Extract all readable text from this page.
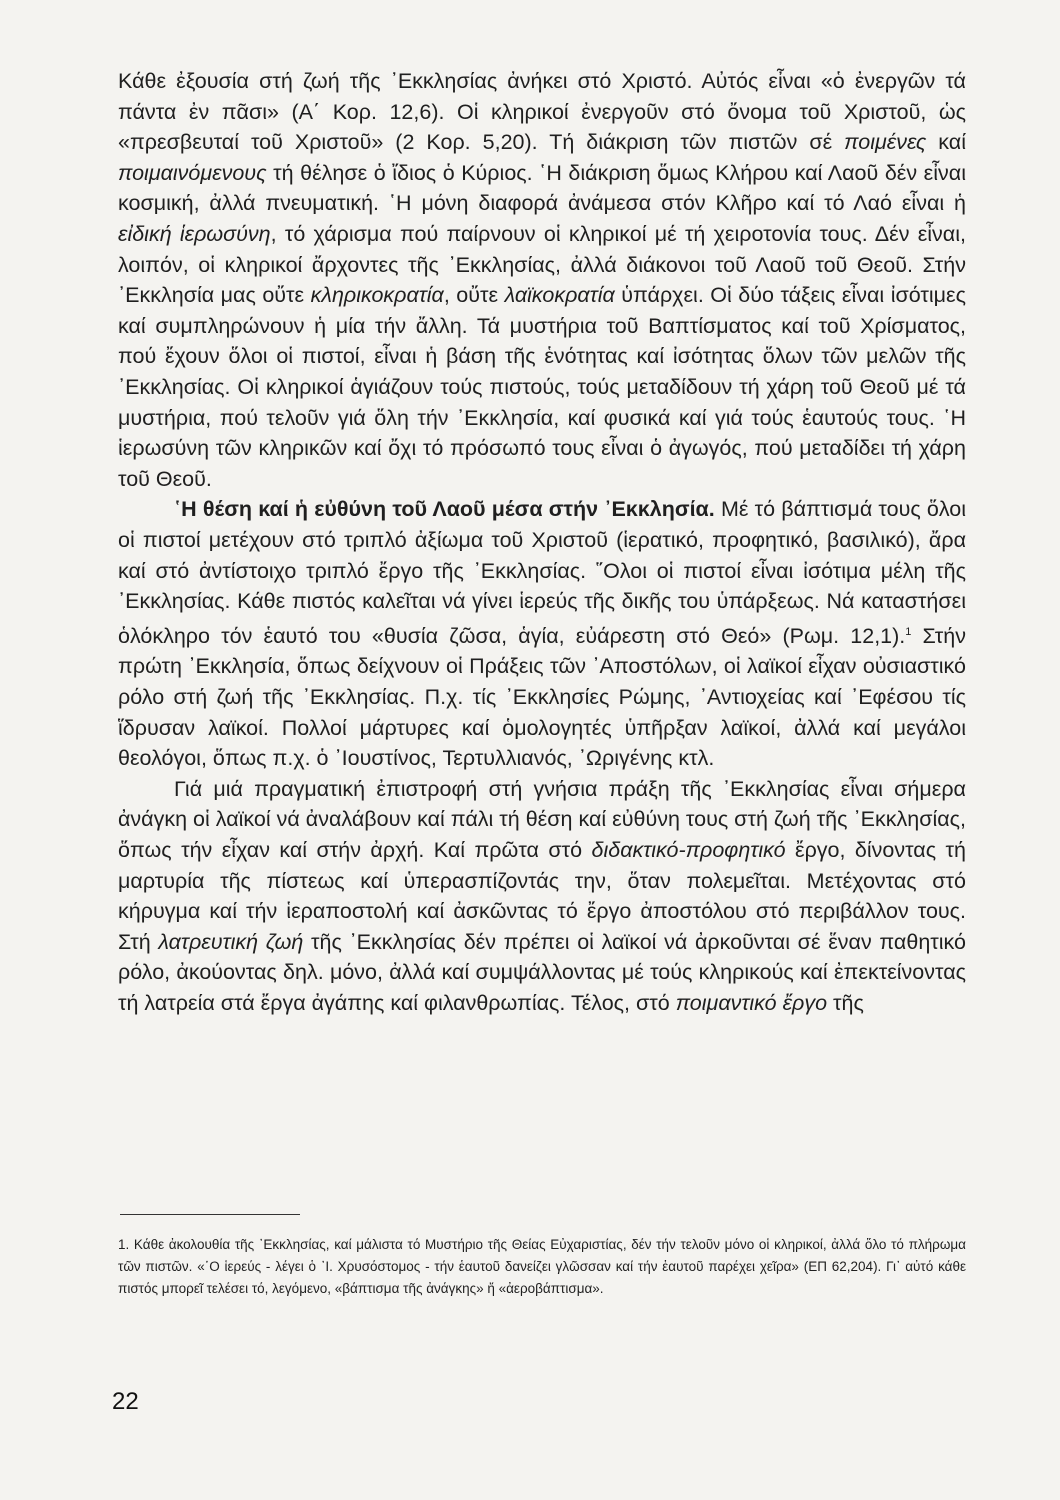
Κάθε ἐξουσία στή ζωή τῆς ᾿Εκκλησίας ἀνήκει στό Χριστό. Αὐτός εἶναι «ὁ ἐνεργῶν τά πάντα ἐν πᾶσι» (Α΄ Κορ. 12,6). Οἱ κληρικοί ἐνεργοῦν στό ὄνομα τοῦ Χριστοῦ, ὡς «πρεσβευταί τοῦ Χριστοῦ» (2 Κορ. 5,20). Τή διάκριση τῶν πιστῶν σέ ποιμένες καί ποιμαινόμενους τή θέλησε ὁ ἴδιος ὁ Κύριος. ῾Η διάκριση ὅμως Κλήρου καί Λαοῦ δέν εἶναι κοσμική, ἀλλά πνευματική. ῾Η μόνη διαφορά ἀνάμεσα στόν Κλῆρο καί τό Λαό εἶναι ἡ εἰδική ἱερωσύνη, τό χάρισμα πού παίρνουν οἱ κληρικοί μέ τή χειροτονία τους. Δέν εἶναι, λοιπόν, οἱ κληρικοί ἄρχοντες τῆς ᾿Εκκλησίας, ἀλλά διάκονοι τοῦ Λαοῦ τοῦ Θεοῦ. Στήν ᾿Εκκλησία μας οὔτε κληρικοκρατία, οὔτε λαϊκοκρατία ὑπάρχει. Οἱ δύο τάξεις εἶναι ἰσότιμες καί συμπληρώνουν ἡ μία τήν ἄλλη. Τά μυστήρια τοῦ Βαπτίσματος καί τοῦ Χρίσματος, πού ἔχουν ὅλοι οἱ πιστοί, εἶναι ἡ βάση τῆς ἑνότητας καί ἰσότητας ὅλων τῶν μελῶν τῆς ᾿Εκκλησίας. Οἱ κληρικοί ἁγιάζουν τούς πιστούς, τούς μεταδίδουν τή χάρη τοῦ Θεοῦ μέ τά μυστήρια, πού τελοῦν γιά ὅλη τήν ᾿Εκκλησία, καί φυσικά καί γιά τούς ἑαυτούς τους. ῾Η ἱερωσύνη τῶν κληρικῶν καί ὄχι τό πρόσωπό τους εἶναι ὁ ἀγωγός, πού μεταδίδει τή χάρη τοῦ Θεοῦ.

῾Η θέση καί ἡ εὐθύνη τοῦ Λαοῦ μέσα στήν ᾿Εκκλησία. Μέ τό βάπτισμά τους ὅλοι οἱ πιστοί μετέχουν στό τριπλό ἀξίωμα τοῦ Χριστοῦ (ἱερατικό, προφητικό, βασιλικό), ἄρα καί στό ἀντίστοιχο τριπλό ἔργο τῆς ᾿Εκκλησίας. ῞Ολοι οἱ πιστοί εἶναι ἰσότιμα μέλη τῆς ᾿Εκκλησίας. Κάθε πιστός καλεῖται νά γίνει ἱερεύς τῆς δικῆς του ὑπάρξεως. Νά καταστήσει ὁλόκληρο τόν ἑαυτό του «θυσία ζῶσα, ἁγία, εὐάρεστη στό Θεό» (Ρωμ. 12,1).$^1$ Στήν πρώτη ᾿Εκκλησία, ὅπως δείχνουν οἱ Πράξεις τῶν ᾿Αποστόλων, οἱ λαϊκοί εἶχαν οὐσιαστικό ρόλο στή ζωή τῆς ᾿Εκκλησίας. Π.χ. τίς ᾿Εκκλησίες Ρώμης, ᾿Αντιοχείας καί ᾿Εφέσου τίς ἵδρυσαν λαϊκοί. Πολλοί μάρτυρες καί ὁμολογητές ὑπῆρξαν λαϊκοί, ἀλλά καί μεγάλοι θεολόγοι, ὅπως π.χ. ὁ ᾿Ιουστίνος, Τερτυλλιανός, ᾿Ωριγένης κτλ.

Γιά μιά πραγματική ἐπιστροφή στή γνήσια πράξη τῆς ᾿Εκκλησίας εἶναι σήμερα ἀνάγκη οἱ λαϊκοί νά ἀναλάβουν καί πάλι τή θέση καί εὐθύνη τους στή ζωή τῆς ᾿Εκκλησίας, ὅπως τήν εἶχαν καί στήν ἀρχή. Καί πρῶτα στό διδακτικό-προφητικό ἔργο, δίνοντας τή μαρτυρία τῆς πίστεως καί ὑπερασπίζοντάς την, ὅταν πολεμεῖται. Μετέχοντας στό κήρυγμα καί τήν ἱεραποστολή καί ἀσκῶντας τό ἔργο ἀποστόλου στό περιβάλλον τους. Στή λατρευτική ζωή τῆς ᾿Εκκλησίας δέν πρέπει οἱ λαϊκοί νά ἀρκοῦνται σέ ἕναν παθητικό ρόλο, ἀκούοντας δηλ. μόνο, ἀλλά καί συμψάλλοντας μέ τούς κληρικούς καί ἐπεκτείνοντας τή λατρεία στά ἔργα ἀγάπης καί φιλανθρωπίας. Τέλος, στό ποιμαντικό ἔργο τῆς

1. Κάθε ἀκολουθία τῆς ᾿Εκκλησίας, καί μάλιστα τό Μυστήριο τῆς Θείας Εὐχαριστίας, δέν τήν τελοῦν μόνο οἱ κληρικοί, ἀλλά ὅλο τό πλήρωμα τῶν πιστῶν. «῾Ο ἱερεύς - λέγει ὁ ᾿Ι. Χρυσόστομος - τήν ἑαυτοῦ δανείζει γλῶσσαν καί τήν ἑαυτοῦ παρέχει χεῖρα» (ΕΠ 62,204). Γι᾿ αὐτό κάθε πιστός μπορεῖ τελέσει τό, λεγόμενο, «βάπτισμα τῆς ἀνάγκης» ἤ «ἀεροβάπτισμα».

22
